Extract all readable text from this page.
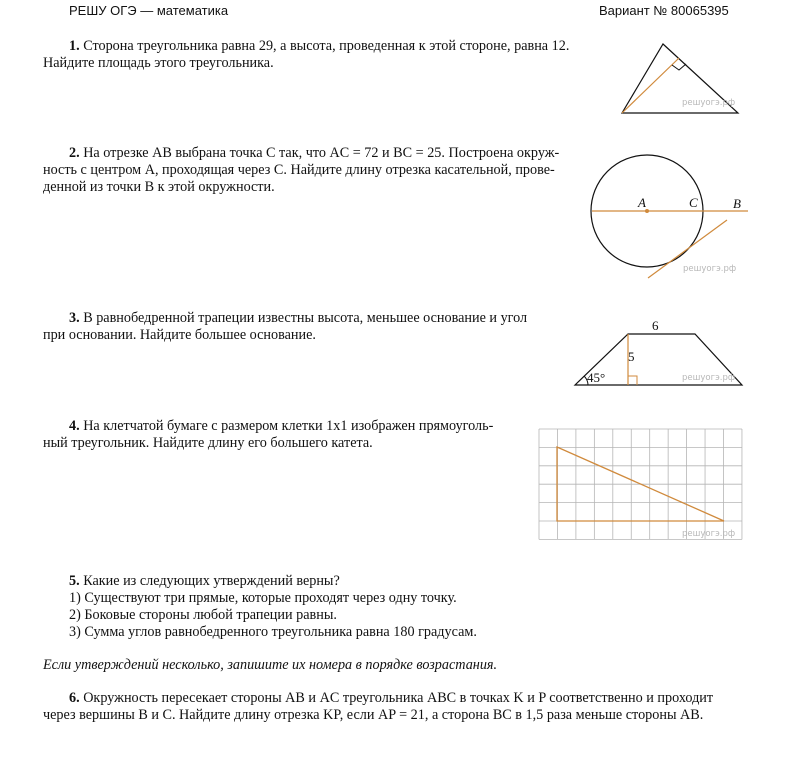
РЕШУ ОГЭ — математика	Вариант № 80065395

1. Сторона треугольника равна 29, а высота, проведенная к этой стороне, равна 12.
Найдите площадь этого треугольника.

решуогэ.рф

2. На отрезке AB выбрана точка C так, что AC = 72 и BC = 25. Построена окруж-
ность с центром A, проходящая через C. Найдите длину отрезка касательной, прове-
денной из точки B к этой окружности.

A	C	B
решуогэ.рф

3. В равнобедренной трапеции известны высота, меньшее основание и угол
при основании. Найдите большее основание.

6
5
45°	решуогэ.рф

4. На клетчатой бумаге с размером клетки 1х1 изображен прямоуголь-
ный треугольник. Найдите длину его большего катета.

решуогэ.рф

5. Какие из следующих утверждений верны?

1) Существуют три прямые, которые проходят через одну точку.

2) Боковые стороны любой трапеции равны.

3) Сумма углов равнобедренного треугольника равна 180 градусам.

Если утверждений несколько, запишите их номера в порядке возрастания.

6. Окружность пересекает стороны AB и AC треугольника ABC в точках K и P соответственно и проходит
через вершины B и C. Найдите длину отрезка KP, если AP = 21, а сторона BC в 1,5 раза меньше стороны AB.
